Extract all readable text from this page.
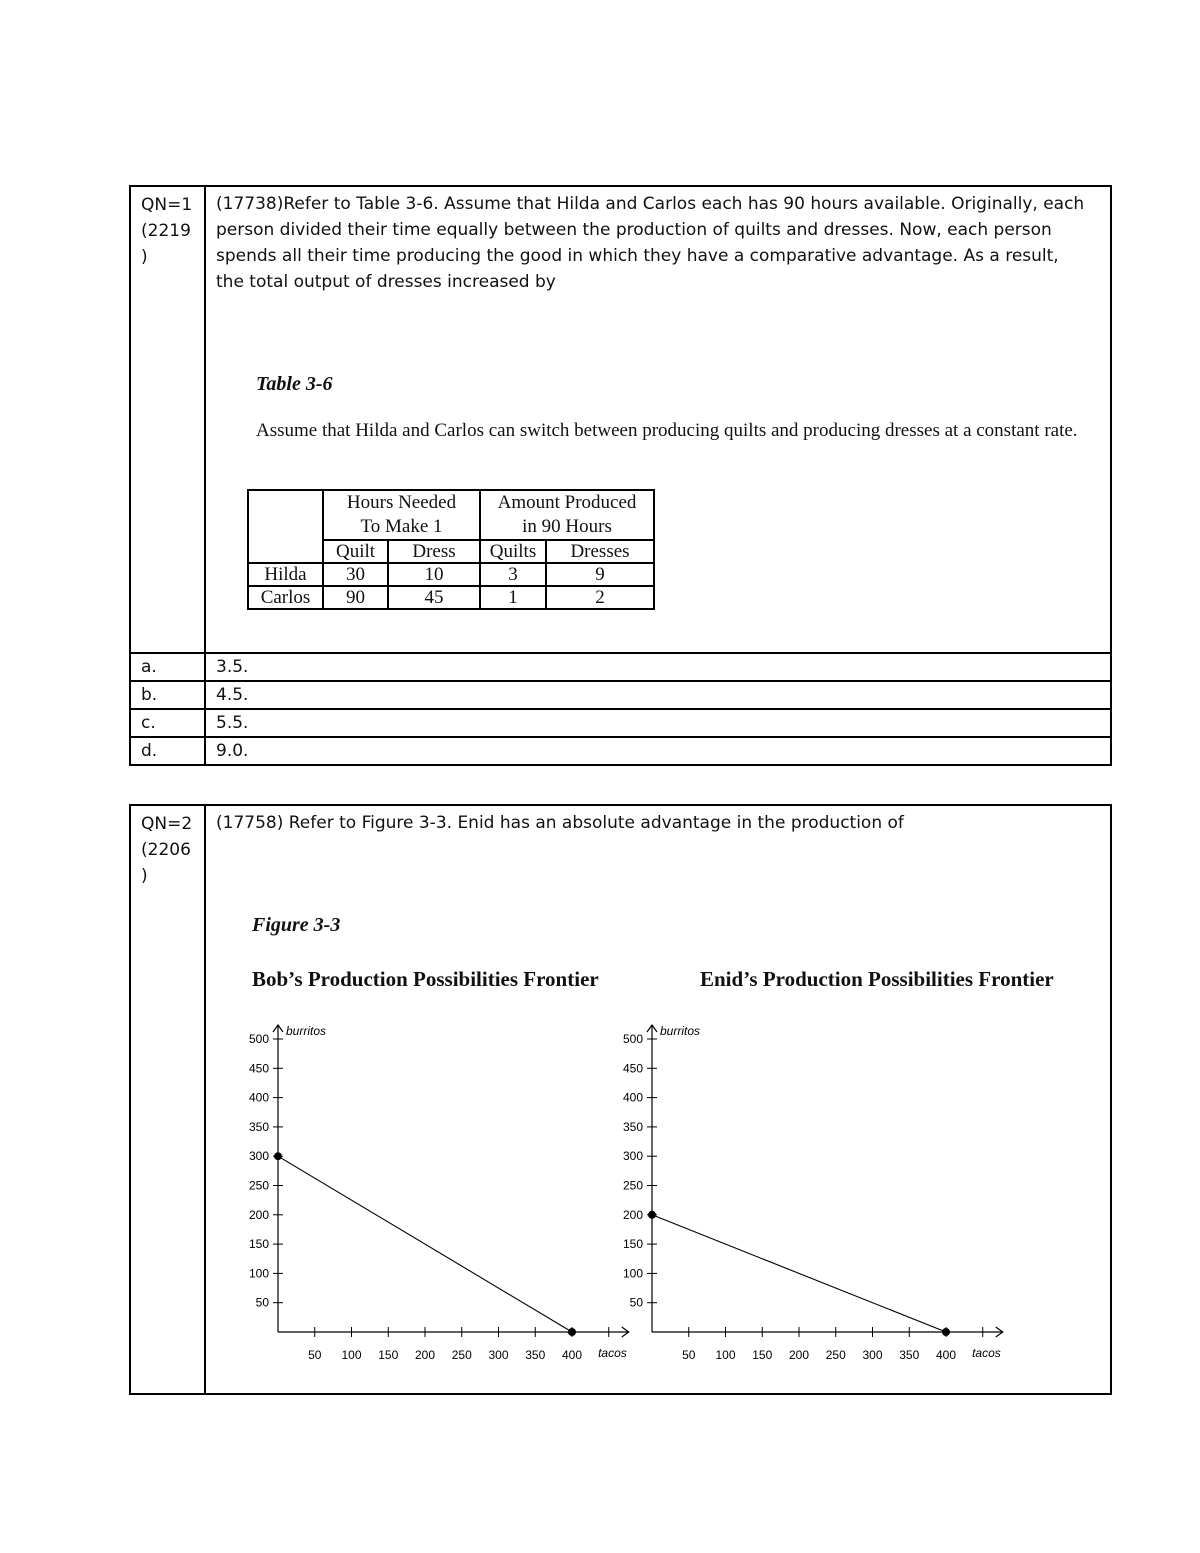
QN=1
(2219
)
(17738)Refer to Table 3-6. Assume that Hilda and Carlos each has 90 hours available. Originally, each person divided their time equally between the production of quilts and dresses. Now, each person spends all their time producing the good in which they have a comparative advantage. As a result, the total output of dresses increased by
Table 3-6
Assume that Hilda and Carlos can switch between producing quilts and producing dresses at a constant rate.
	Hours Needed
To Make 1		Amount Produced
in 90 Hours	
	Quilt	Dress	Quilts	Dresses
Hilda	30	10	3	9
Carlos	90	45	1	2
a.	3.5.
b.	4.5.
c.	5.5.
d.	9.0.
QN=2
(2206
)
(17758) Refer to Figure 3-3. Enid has an absolute advantage in the production of
Figure 3-3
Bob’s Production Possibilities Frontier	Enid’s Production Possibilities Frontier
50
100
150
200
250
300
350
400
450
500
50 100 150 200 250 300 350 400
burritos
tacos
50
100
150
200
250
300
350
400
450
500
50 100 150 200 250 300 350 400
burritos
tacos
